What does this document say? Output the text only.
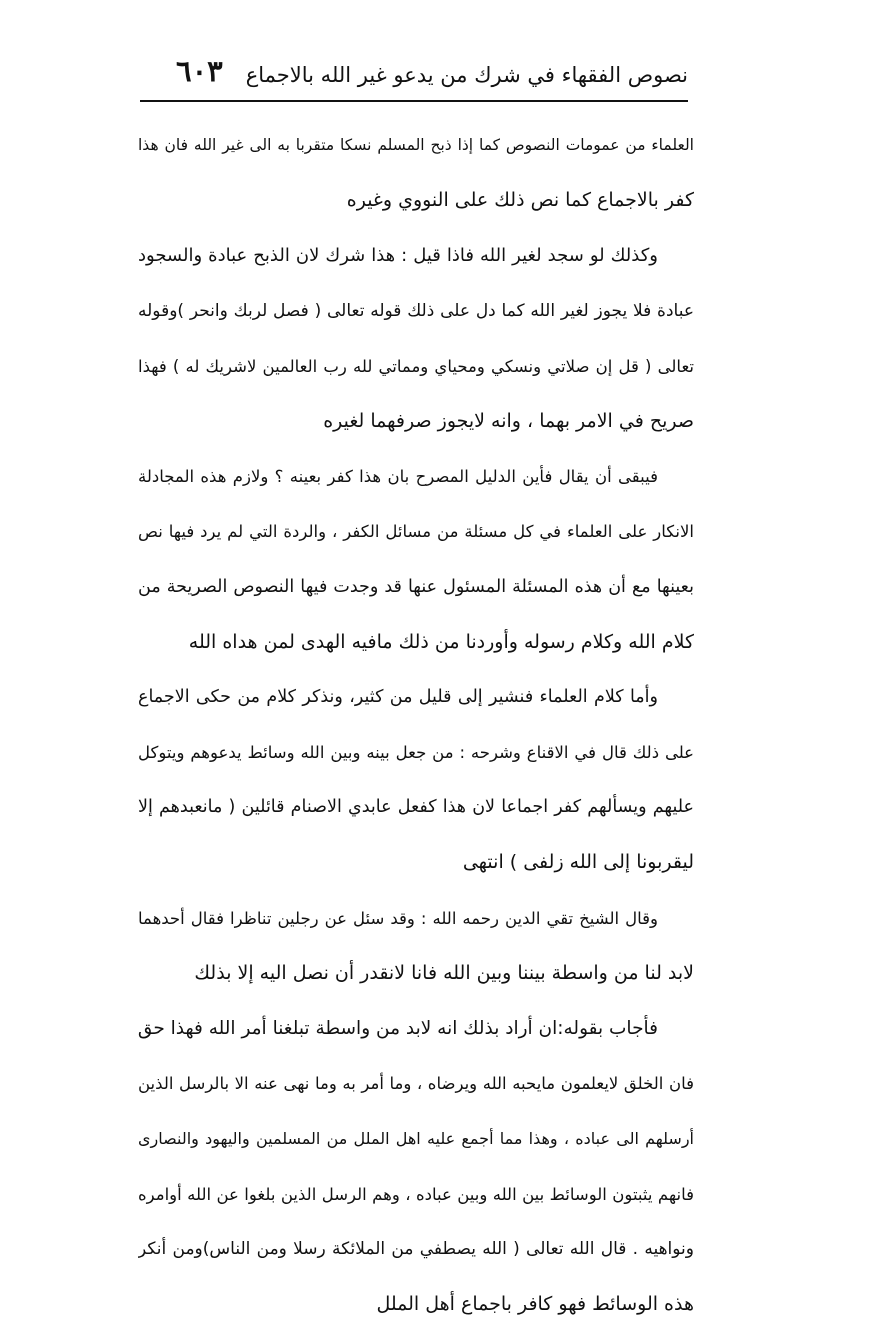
نصوص الفقهاء في شرك من يدعو غير الله بالاجماع
٦٠٣
العلماء من عمومات النصوص كما إذا ذبح المسلم نسكا متقربا به الى غير الله فان هذا
كفر بالاجماع كما نص ذلك على النووي وغيره
وكذلك لو سجد لغير الله فاذا قيل : هذا شرك لان الذبح عبادة والسجود
عبادة فلا يجوز لغير الله كما دل على ذلك قوله تعالى ( فصل لربك وانحر )وقوله
تعالى ( قل إن صلاتي ونسكي ومحياي ومماتي لله رب العالمين لاشريك له ) فهذا
صريح في الامر بهما ، وانه لايجوز صرفهما لغيره
فيبقى أن يقال فأين الدليل المصرح بان هذا كفر بعينه ؟ ولازم هذه المجادلة
الانكار على العلماء في كل مسئلة من مسائل الكفر ، والردة التي لم يرد فيها نص
بعينها مع أن هذه المسئلة المسئول عنها قد وجدت فيها النصوص الصريحة من
كلام الله وكلام رسوله وأوردنا من ذلك مافيه الهدى لمن هداه الله
وأما كلام العلماء فنشير إلى قليل من كثير، ونذكر كلام من حكى الاجماع
على ذلك قال في الاقناع وشرحه : من جعل بينه وبين الله وسائط يدعوهم ويتوكل
عليهم ويسألهم كفر اجماعا لان هذا كفعل عابدي الاصنام قائلين ( مانعبدهم إلا
ليقربونا إلى الله زلفى ) انتهى
وقال الشيخ تقي الدين رحمه الله : وقد سئل عن رجلين تناظرا فقال أحدهما
لابد لنا من واسطة بيننا وبين الله فانا لانقدر أن نصل اليه إلا بذلك
فأجاب بقوله:ان أراد بذلك انه لابد من واسطة تبلغنا أمر الله فهذا حق
فان الخلق لايعلمون مايحبه الله ويرضاه ، وما أمر به وما نهى عنه الا بالرسل الذين
أرسلهم الى عباده ، وهذا مما أجمع عليه اهل الملل من المسلمين واليهود والنصارى
فانهم يثبتون الوسائط بين الله وبين عباده ، وهم الرسل الذين بلغوا عن الله أوامره
ونواهيه . قال الله تعالى ( الله يصطفي من الملائكة رسلا ومن الناس)ومن أنكر
هذه الوسائط فهو كافر باجماع أهل الملل
